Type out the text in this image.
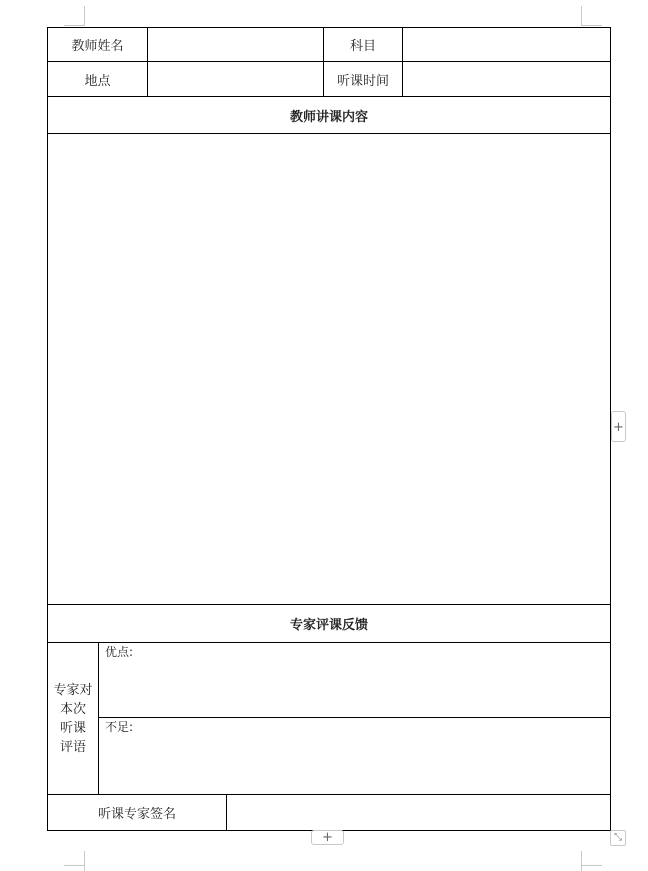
教师姓名				科目	
地点				听课时间	
教师讲课内容					

专家评课反馈					

专家对
本次
听课
评语	优点:				

	不足:				

听课专家签名					
+
+	⤡
